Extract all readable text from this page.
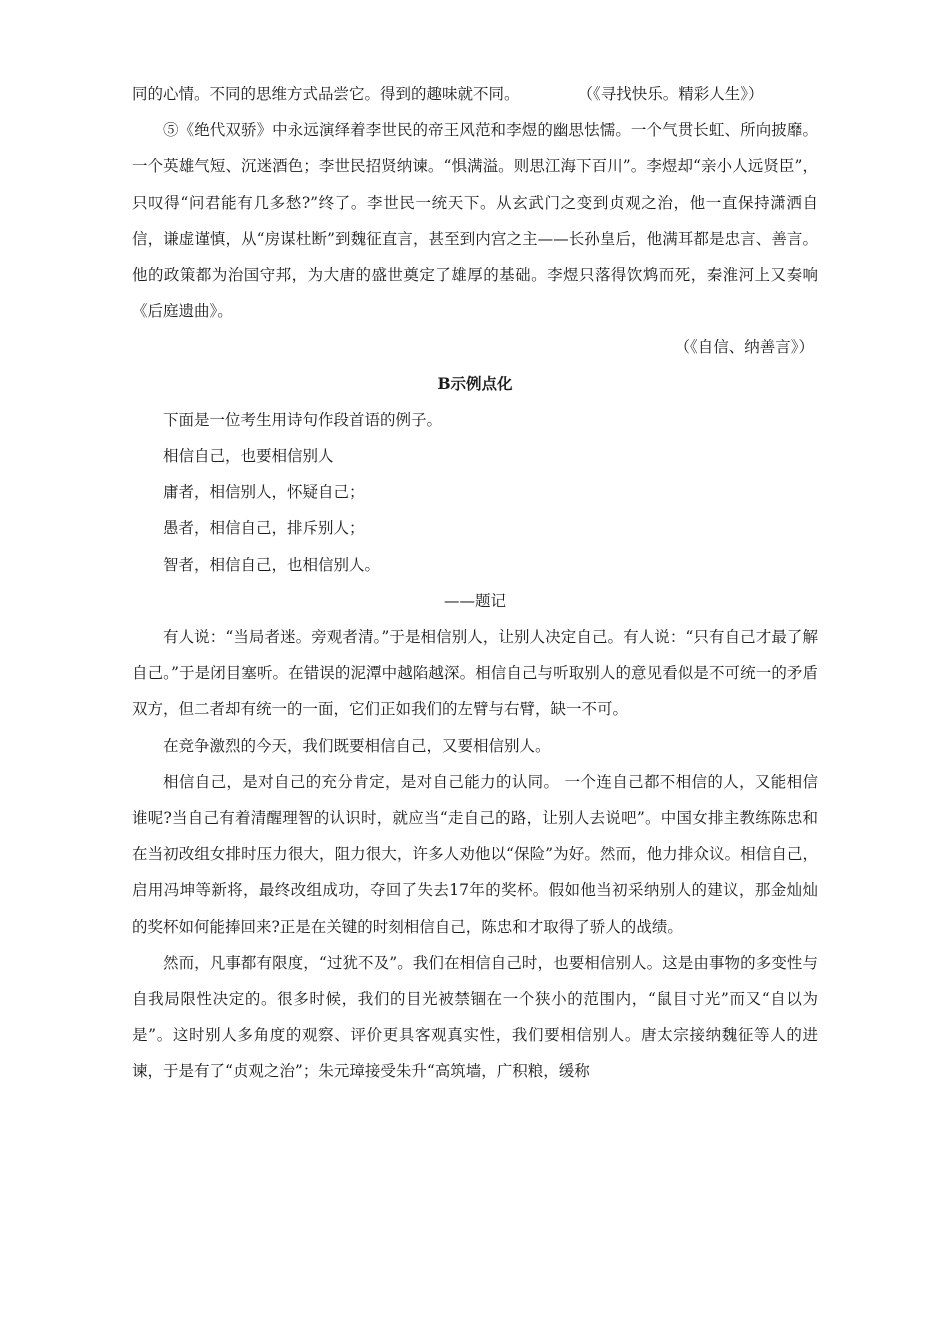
同的心情。不同的思维方式品尝它。得到的趣味就不同。	（《寻找快乐。精彩人生》）

⑤《绝代双骄》中永远演绎着李世民的帝王风范和李煜的幽思怯懦。一个气贯长虹、所向披靡。一个英雄气短、沉迷酒色；李世民招贤纳谏。“惧满溢。则思江海下百川”。李煜却“亲小人远贤臣”，只叹得“问君能有几多愁?”终了。李世民一统天下。从玄武门之变到贞观之治，他一直保持潇洒自信，谦虚谨慎，从“房谋杜断”到魏征直言，甚至到内宫之主——长孙皇后，他满耳都是忠言、善言。他的政策都为治国守邦，为大唐的盛世奠定了雄厚的基础。李煜只落得饮鸩而死，秦淮河上又奏响《后庭遗曲》。

（《自信、纳善言》）

B示例点化

下面是一位考生用诗句作段首语的例子。

相信自己，也要相信别人

庸者，相信别人，怀疑自己；

愚者，相信自己，排斥别人；

智者，相信自己，也相信别人。

——题记

有人说：“当局者迷。旁观者清。”于是相信别人，让别人决定自己。有人说：“只有自己才最了解自己。”于是闭目塞听。在错误的泥潭中越陷越深。相信自己与听取别人的意见看似是不可统一的矛盾双方，但二者却有统一的一面，它们正如我们的左臂与右臂，缺一不可。

在竞争激烈的今天，我们既要相信自己，又要相信别人。

相信自己，是对自己的充分肯定，是对自己能力的认同。 一个连自己都不相信的人，又能相信谁呢?当自己有着清醒理智的认识时，就应当“走自己的路，让别人去说吧”。中国女排主教练陈忠和在当初改组女排时压力很大，阻力很大，许多人劝他以“保险”为好。然而，他力排众议。相信自己，启用冯坤等新将，最终改组成功，夺回了失去17年的奖杯。假如他当初采纳别人的建议，那金灿灿的奖杯如何能捧回来?正是在关键的时刻相信自己，陈忠和才取得了骄人的战绩。

然而，凡事都有限度，“过犹不及”。我们在相信自己时，也要相信别人。这是由事物的多变性与自我局限性决定的。很多时候，我们的目光被禁锢在一个狭小的范围内，“鼠目寸光”而又“自以为是”。这时别人多角度的观察、评价更具客观真实性，我们要相信别人。唐太宗接纳魏征等人的进谏，于是有了“贞观之治”；朱元璋接受朱升“高筑墙，广积粮，缓称
